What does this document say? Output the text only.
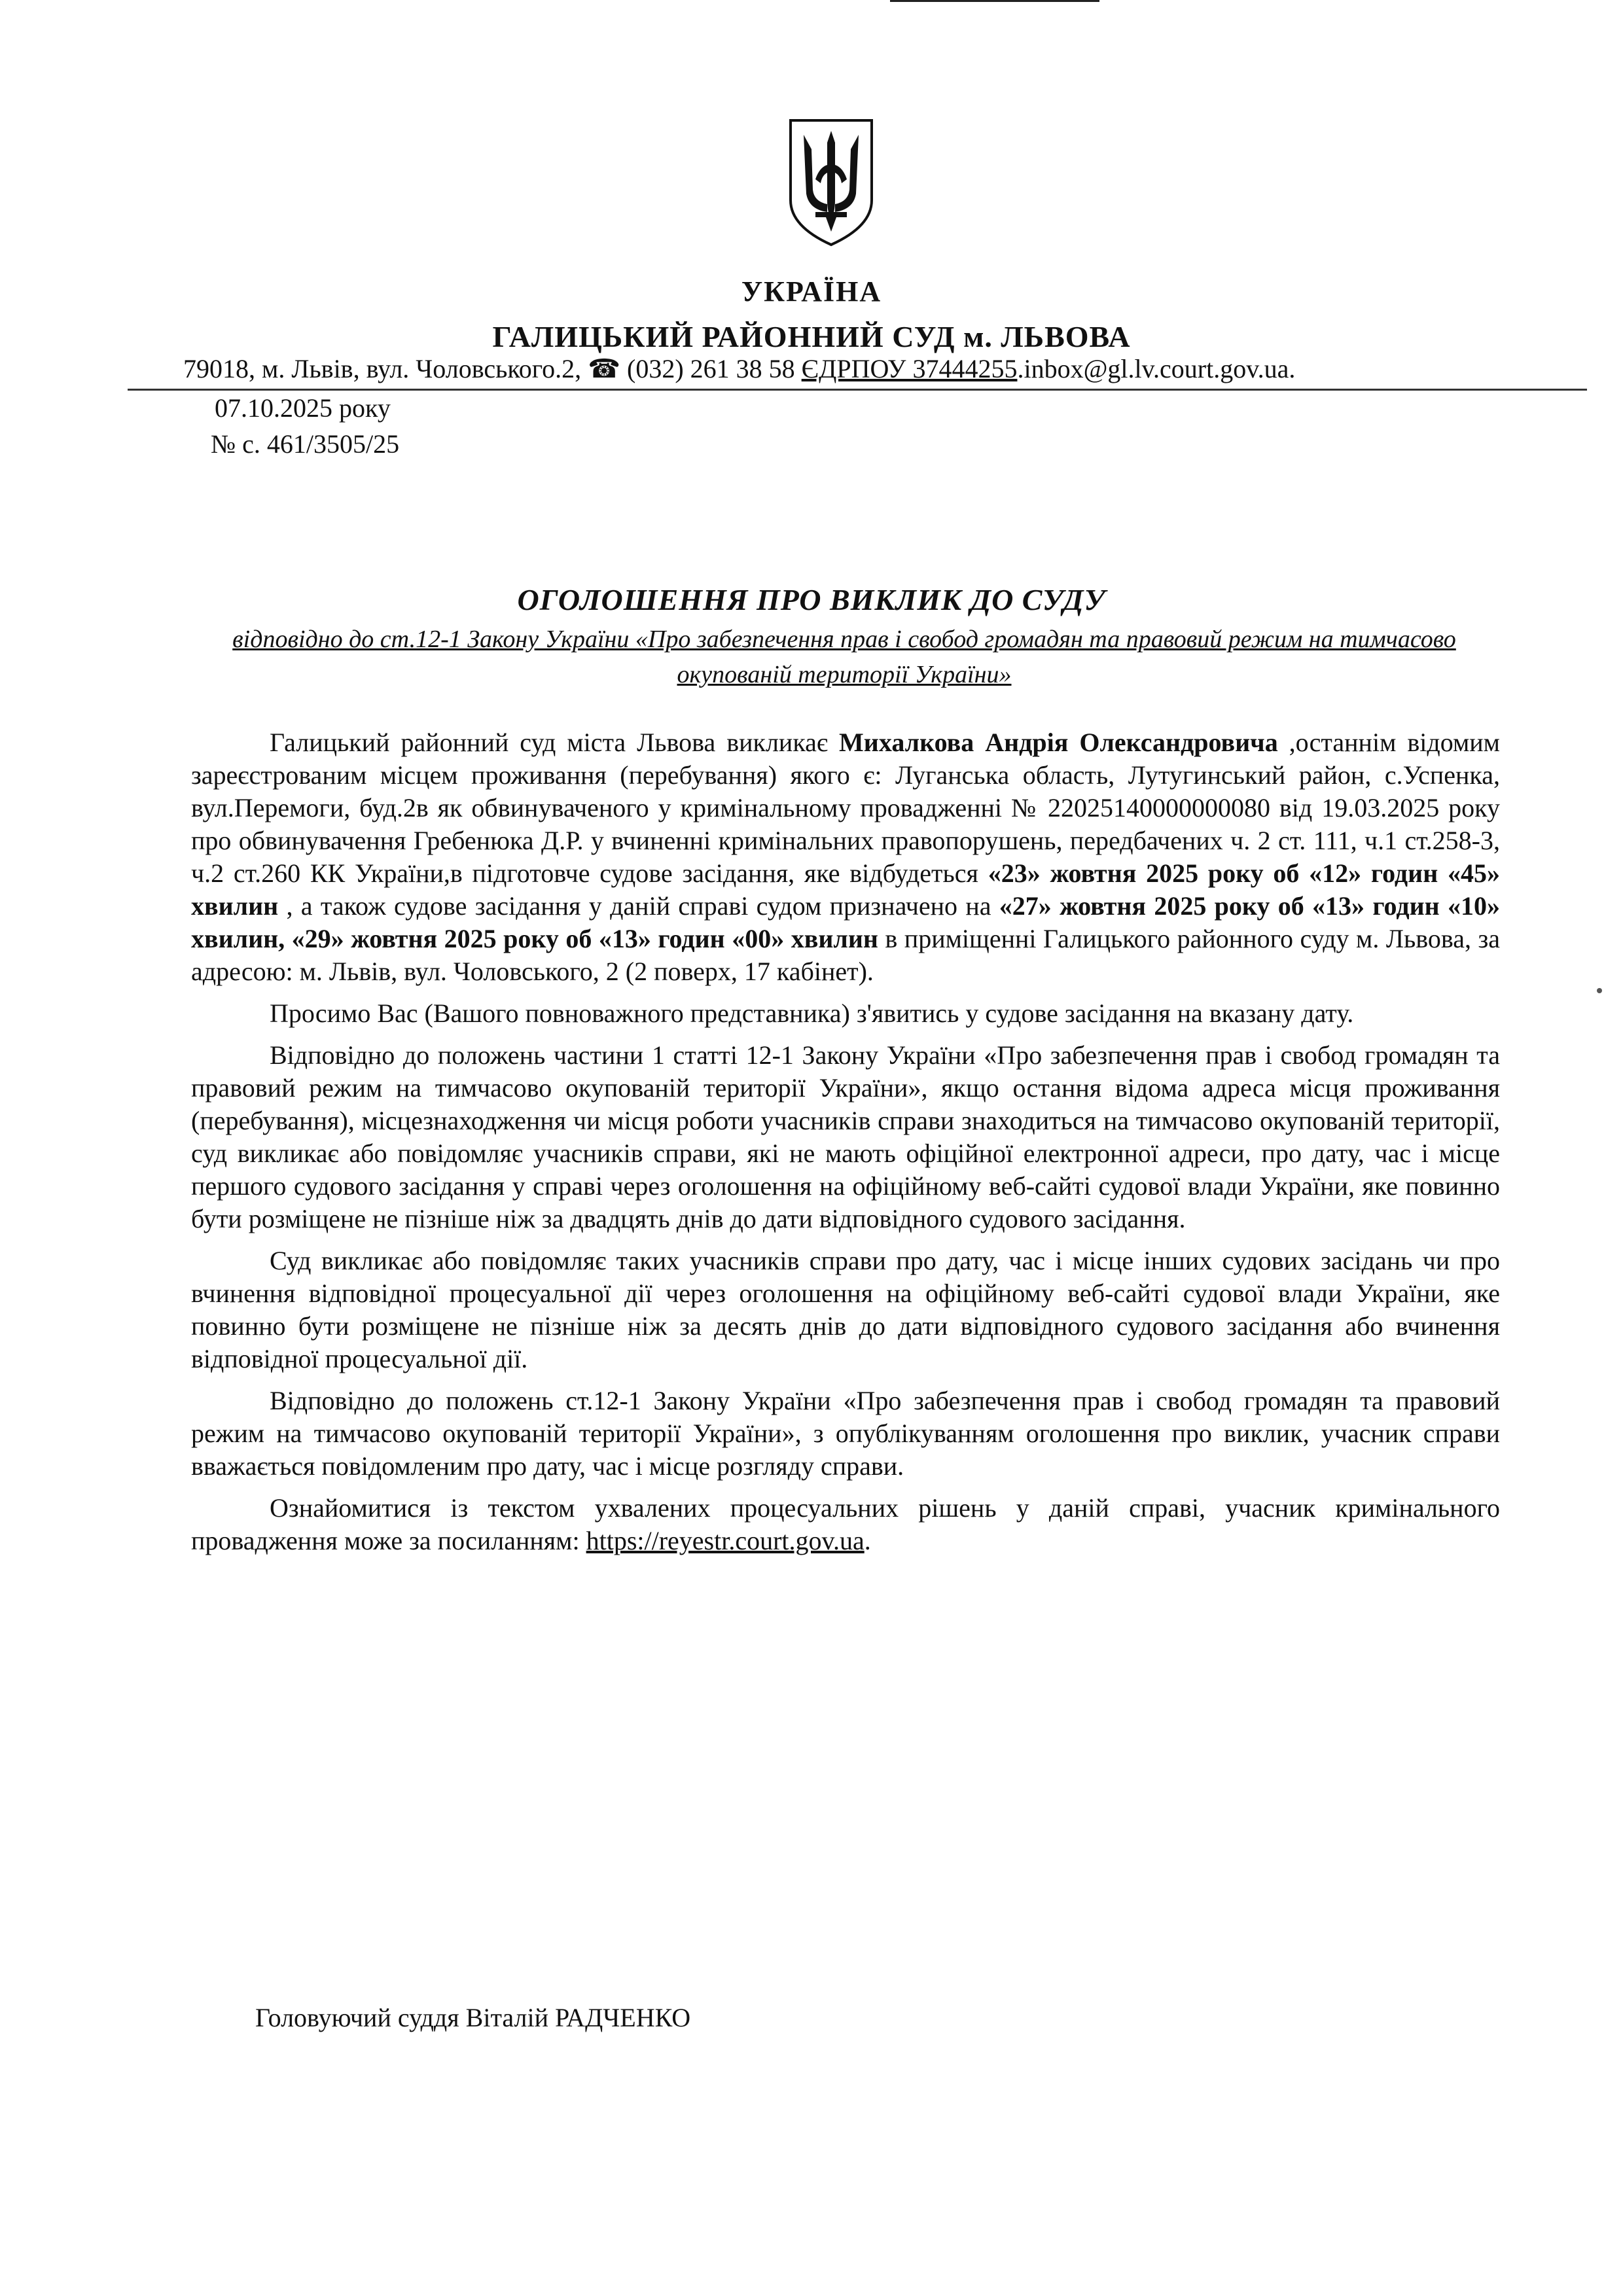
УКРАЇНА
ГАЛИЦЬКИЙ РАЙОННИЙ СУД м. ЛЬВОВА
79018, м. Львів, вул. Чоловського.2, ☎ (032) 261 38 58 ЄДРПОУ 37444255.inbox@gl.lv.court.gov.ua.
07.10.2025 року
№ с. 461/3505/25
ОГОЛОШЕННЯ ПРО ВИКЛИК ДО СУДУ
відповідно до ст.12-1 Закону України «Про забезпечення прав і свобод громадян та правовий режим на тимчасово окупованій території України»

Галицький районний суд міста Львова викликає Михалкова Андрія Олександровича ,останнім відомим зареєстрованим місцем проживання (перебування) якого є: Луганська область, Лутугинський район, с.Успенка, вул.Перемоги, буд.2в як обвинуваченого у кримінальному провадженні № 22025140000000080 від 19.03.2025 року про обвинувачення Гребенюка Д.Р. у вчиненні кримінальних правопорушень, передбачених ч. 2 ст. 111, ч.1 ст.258-3, ч.2 ст.260 КК України,в підготовче судове засідання, яке відбудеться «23» жовтня 2025 року об «12» годин «45» хвилин , а також судове засідання у даній справі судом призначено на «27» жовтня 2025 року об «13» годин «10» хвилин, «29» жовтня 2025 року об «13» годин «00» хвилин в приміщенні Галицького районного суду м. Львова, за адресою: м. Львів, вул. Чоловського, 2 (2 поверх, 17 кабінет).

Просимо Вас (Вашого повноважного представника) з'явитись у судове засідання на вказану дату.

Відповідно до положень частини 1 статті 12-1 Закону України «Про забезпечення прав і свобод громадян та правовий режим на тимчасово окупованій території України», якщо остання відома адреса місця проживання (перебування), місцезнаходження чи місця роботи учасників справи знаходиться на тимчасово окупованій території, суд викликає або повідомляє учасників справи, які не мають офіційної електронної адреси, про дату, час і місце першого судового засідання у справі через оголошення на офіційному веб-сайті судової влади України, яке повинно бути розміщене не пізніше ніж за двадцять днів до дати відповідного судового засідання.

Суд викликає або повідомляє таких учасників справи про дату, час і місце інших судових засідань чи про вчинення відповідної процесуальної дії через оголошення на офіційному веб-сайті судової влади України, яке повинно бути розміщене не пізніше ніж за десять днів до дати відповідного судового засідання або вчинення відповідної процесуальної дії.

Відповідно до положень ст.12-1 Закону України «Про забезпечення прав і свобод громадян та правовий режим на тимчасово окупованій території України», з опублікуванням оголошення про виклик, учасник справи вважається повідомленим про дату, час і місце розгляду справи.

Ознайомитися із текстом ухвалених процесуальних рішень у даній справі, учасник кримінального провадження може за посиланням: https://reyestr.court.gov.ua.

Головуючий суддя Віталій РАДЧЕНКО
